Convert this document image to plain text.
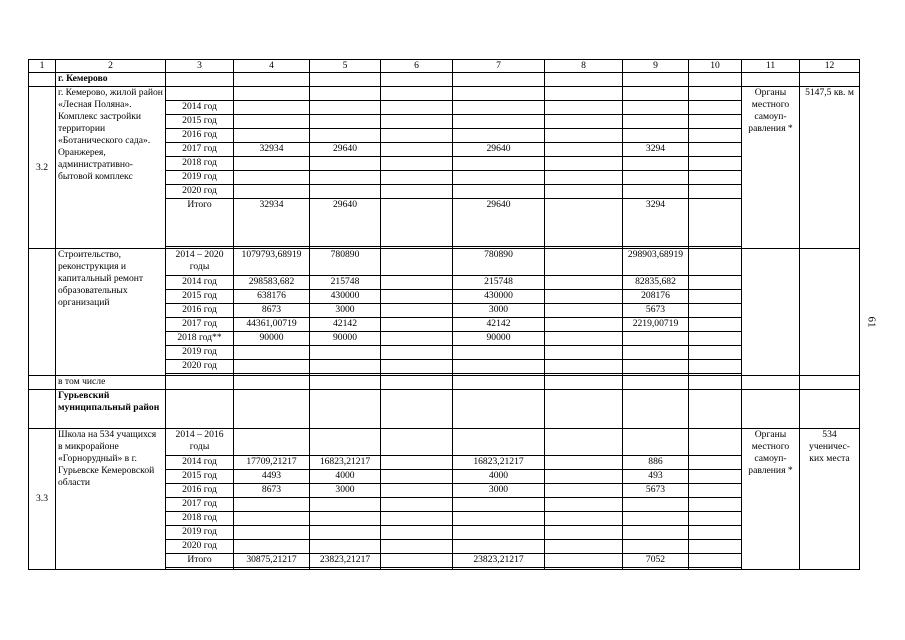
1	2	3	4	5	6	7	8	9	10	11	12
	г. Кемерово										
3.2	г. Кемерово, жилой район «Лесная Поляна». Комплекс застройки территории «Ботанического сада». Оранжерея, административно-бытовой комплекс									Органы местного самоуп-равления *	5147,5 кв. м
		2014 год									
		2015 год									
		2016 год									
		2017 год	32934	29640		29640		3294			
		2018 год									
		2019 год									
		2020 год									
		Итого	32934	29640		29640		3294			

	Строительство, реконструкция и капитальный ремонт образовательных организаций	2014 – 2020 годы	1079793,68919	780890		780890		298903,68919			
		2014 год	298583,682	215748		215748		82835,682			
		2015 год	638176	430000		430000		208176			
		2016 год	8673	3000		3000		5673			
		2017 год	44361,00719	42142		42142		2219,00719			
		2018 год**	90000	90000		90000					
		2019 год									
		2020 год									

	в том числе										
	Гурьевский муниципальный район										
3.3	Школа на 534 учащихся в микрорайоне «Горнорудный» в г. Гурьевске Кемеровской области	2014 – 2016 годы								Органы местного самоуп-равления *	534 ученичес-ких места
		2014 год	17709,21217	16823,21217		16823,21217		886			
		2015 год	4493	4000		4000		493			
		2016 год	8673	3000		3000		5673			
		2017 год									
		2018 год									
		2019 год									
		2020 год									
		Итого	30875,21217	23823,21217		23823,21217		7052			

61
